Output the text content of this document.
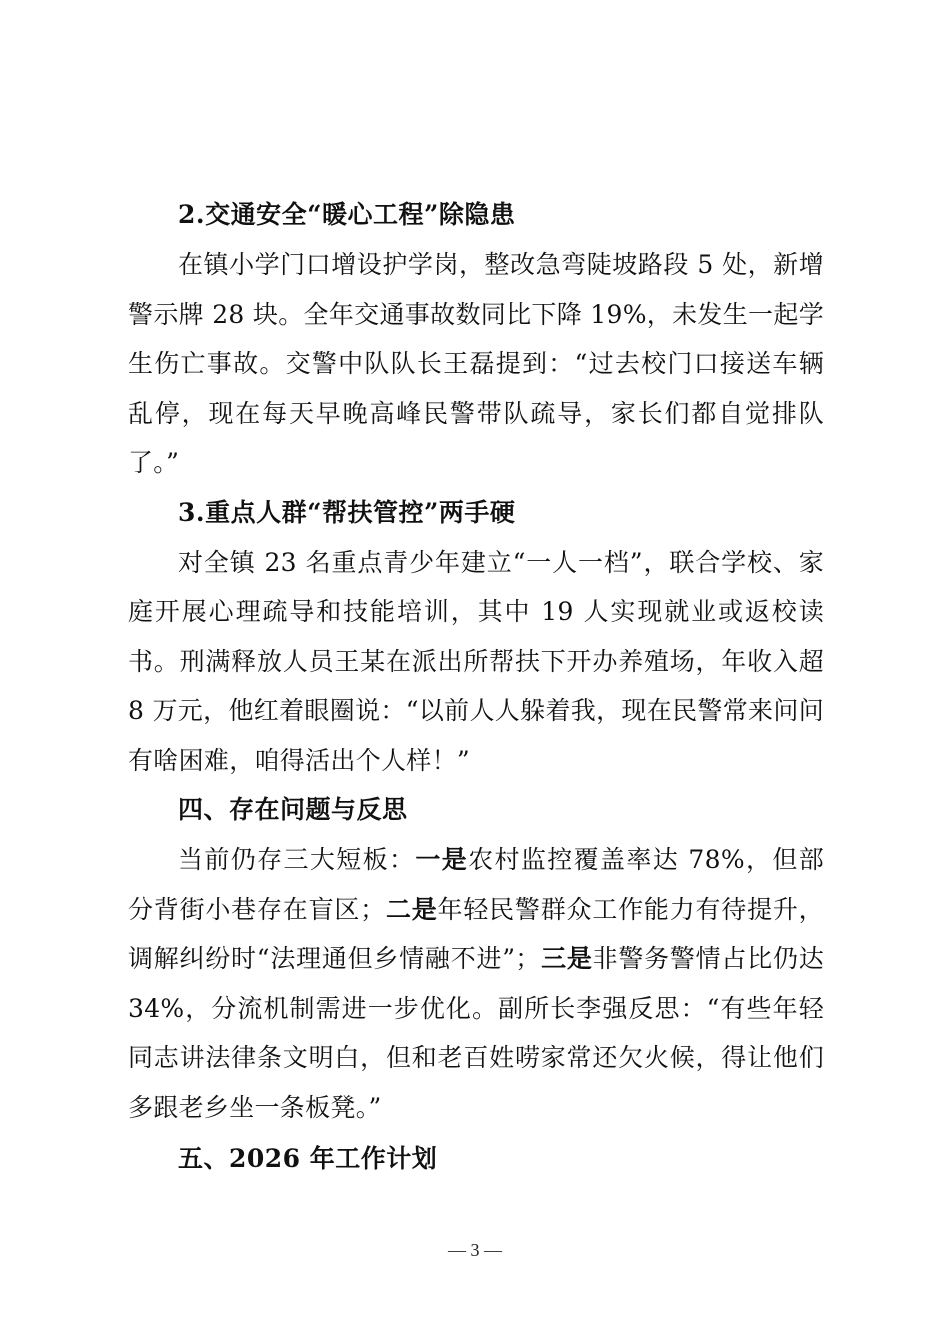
2.交通安全“暖心工程”除隐患

在镇小学门口增设护学岗，整改急弯陡坡路段 5 处，新增警示牌 28 块。全年交通事故数同比下降 19%，未发生一起学生伤亡事故。交警中队队长王磊提到：“过去校门口接送车辆乱停，现在每天早晚高峰民警带队疏导，家长们都自觉排队了。”

3.重点人群“帮扶管控”两手硬

对全镇 23 名重点青少年建立“一人一档”，联合学校、家庭开展心理疏导和技能培训，其中 19 人实现就业或返校读书。刑满释放人员王某在派出所帮扶下开办养殖场，年收入超 8 万元，他红着眼圈说：“以前人人躲着我，现在民警常来问问有啥困难，咱得活出个人样！”

四、存在问题与反思

当前仍存三大短板：一是农村监控覆盖率达 78%，但部分背街小巷存在盲区；二是年轻民警群众工作能力有待提升，调解纠纷时“法理通但乡情融不进”；三是非警务警情占比仍达 34%，分流机制需进一步优化。副所长李强反思：“有些年轻同志讲法律条文明白，但和老百姓唠家常还欠火候，得让他们多跟老乡坐一条板凳。”

五、2026 年工作计划

— 3 —
